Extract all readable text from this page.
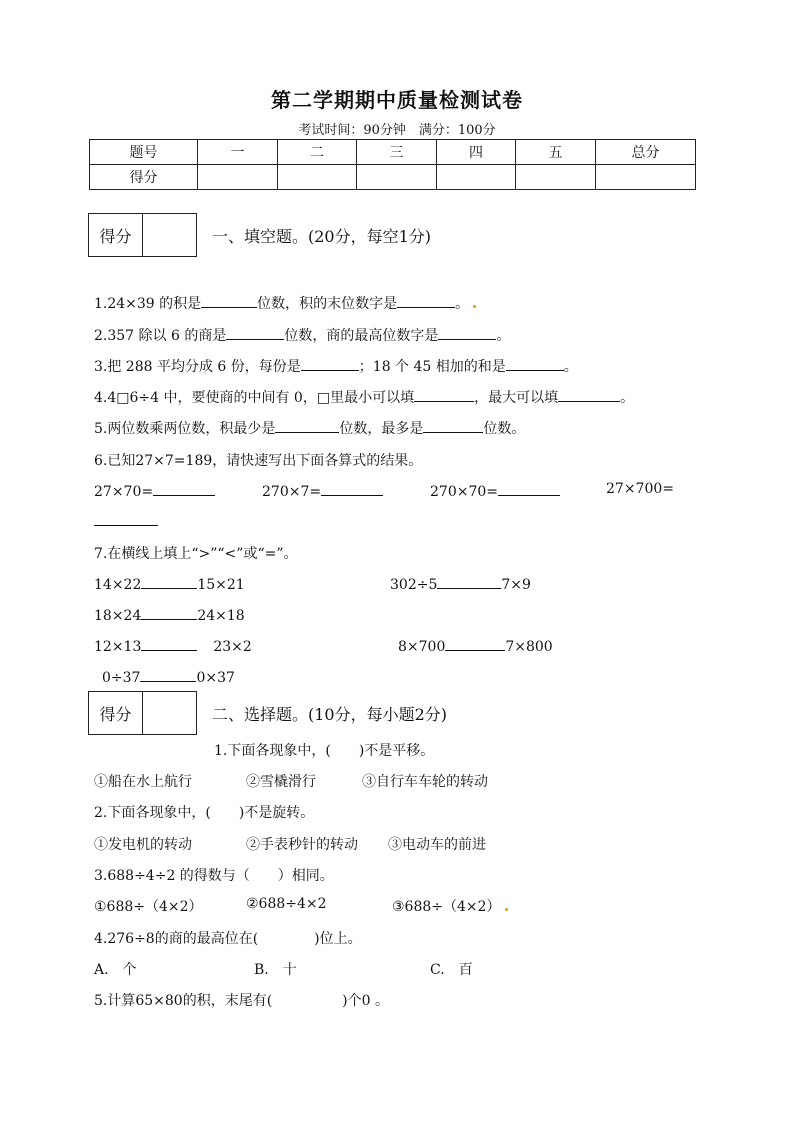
第二学期期中质量检测试卷
考试时间：90分钟　满分：100分
题号	一	二	三	四	五	总分
得分						
得分	一、填空题。(20分，每空1分)
1.24×39 的积是	位数，积的末位数字是	。
2.357 除以 6 的商是	位数，商的最高位数字是	。
3.把 288 平均分成 6 份，每份是	；18 个 45 相加的和是	。
4.4□6÷4 中，要使商的中间有 0，□里最小可以填	，最大可以填	。
5.两位数乘两位数，积最少是	位数，最多是	位数。
6.已知27×7=189，请快速写出下面各算式的结果。
27×70=	270×7=	270×70=	27×700=
7.在横线上填上“>”“<”或“=”。
14×22	15×21	302÷5	7×9
18×24	24×18
12×13	23×2	8×700	7×800
0÷37	0×37
得分	二、选择题。(10分，每小题2分)
1.下面各现象中，(　　)不是平移。
①船在水上航行	②雪橇滑行	③自行车车轮的转动
2.下面各现象中，(　　)不是旋转。
①发电机的转动	②手表秒针的转动 ③电动车的前进
3.688÷4÷2 的得数与（　　）相同。
①688÷（4×2）	②688÷4×2	③688÷（4×2）
4.276÷8的商的最高位在(　　　　)位上。
A.　个	B.　十	C.　百
5.计算65×80的积，末尾有(　　　　　)个0 。
